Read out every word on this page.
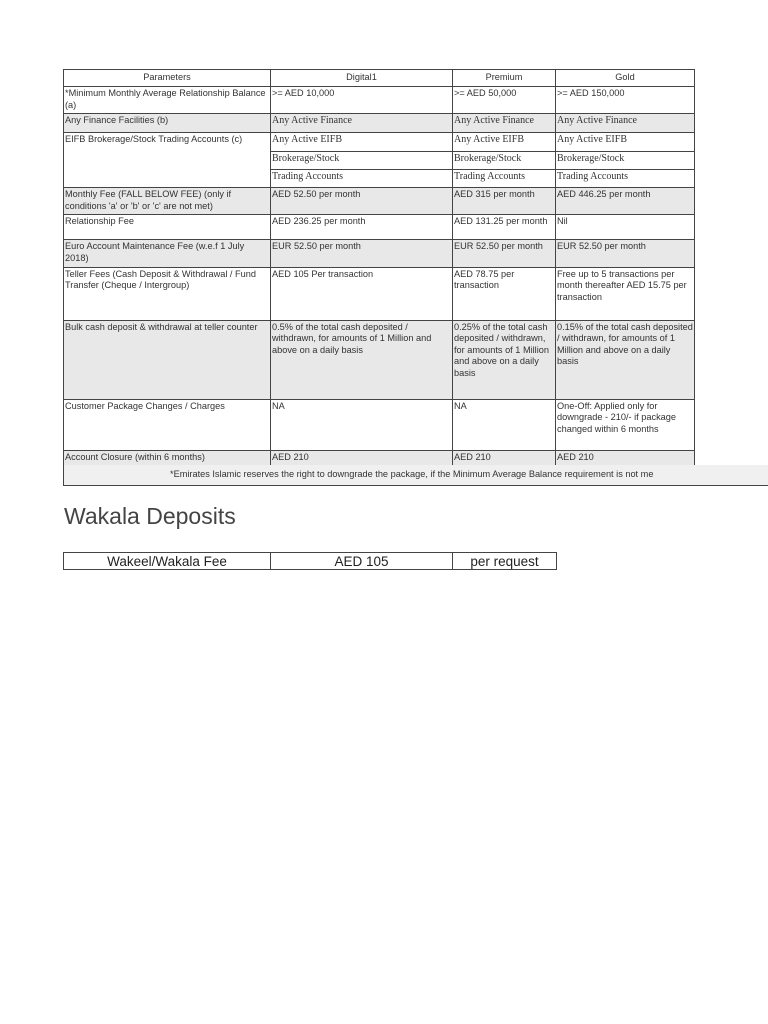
Parameters	Digital1	Premium	Gold
*Minimum Monthly Average Relationship Balance (a)	>= AED 10,000	>= AED 50,000	>= AED 150,000
Any Finance Facilities (b)	Any Active Finance	Any Active Finance	Any Active Finance
EIFB Brokerage/Stock Trading Accounts (c)	Any Active EIFB	Any Active EIFB	Any Active EIFB
	Brokerage/Stock	Brokerage/Stock	Brokerage/Stock
	Trading Accounts	Trading Accounts	Trading Accounts
Monthly Fee (FALL BELOW FEE) (only if conditions 'a' or 'b' or 'c' are not met)	AED 52.50 per month	AED 315 per month	AED 446.25 per month
Relationship Fee	AED 236.25 per month	AED 131.25 per month	Nil
Euro Account Maintenance Fee (w.e.f 1 July 2018)	EUR 52.50 per month	EUR 52.50 per month	EUR 52.50 per month
Teller Fees (Cash Deposit & Withdrawal / Fund Transfer (Cheque / Intergroup)	AED 105 Per transaction	AED 78.75 per transaction	Free up to 5 transactions per month thereafter AED 15.75 per transaction
Bulk cash deposit & withdrawal at teller counter	0.5% of the total cash deposited / withdrawn, for amounts of 1 Million and above on a daily basis	0.25% of the total cash deposited / withdrawn, for amounts of 1 Million and above on a daily basis	0.15% of the total cash deposited / withdrawn, for amounts of 1 Million and above on a daily basis
Customer Package Changes / Charges	NA	NA	One-Off: Applied only for downgrade - 210/- if package changed within 6 months
Account Closure (within 6 months)	AED 210	AED 210	AED 210
*Emirates Islamic reserves the right to downgrade the package, if the Minimum Average Balance requirement is not me
Wakala Deposits
Wakeel/Wakala Fee	AED 105	per request
